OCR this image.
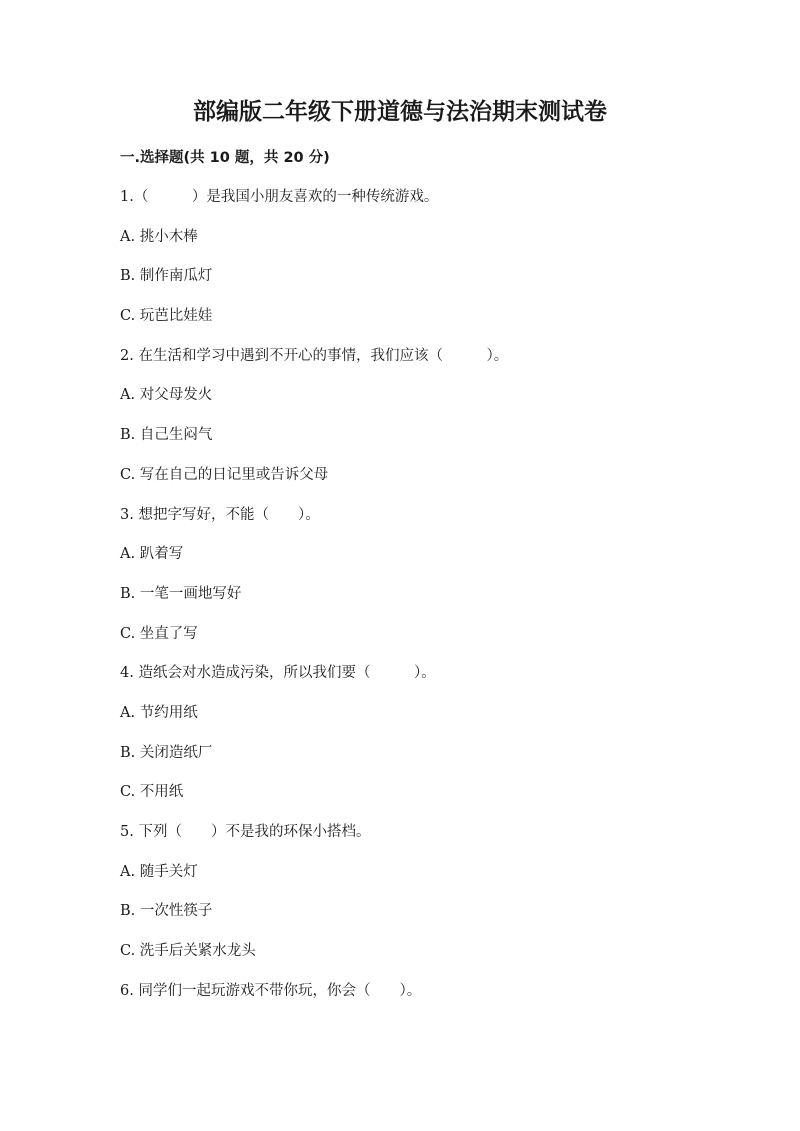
部编版二年级下册道德与法治期末测试卷
一.选择题(共 10 题，共 20 分)
1.（　　　）是我国小朋友喜欢的一种传统游戏。
A. 挑小木棒
B. 制作南瓜灯
C. 玩芭比娃娃
2. 在生活和学习中遇到不开心的事情，我们应该（　　　）。
A. 对父母发火
B. 自己生闷气
C. 写在自己的日记里或告诉父母
3. 想把字写好，不能（　　）。
A. 趴着写
B. 一笔一画地写好
C. 坐直了写
4. 造纸会对水造成污染，所以我们要（　　　）。
A. 节约用纸
B. 关闭造纸厂
C. 不用纸
5. 下列（　　）不是我的环保小搭档。
A. 随手关灯
B. 一次性筷子
C. 洗手后关紧水龙头
6. 同学们一起玩游戏不带你玩，你会（　　）。
